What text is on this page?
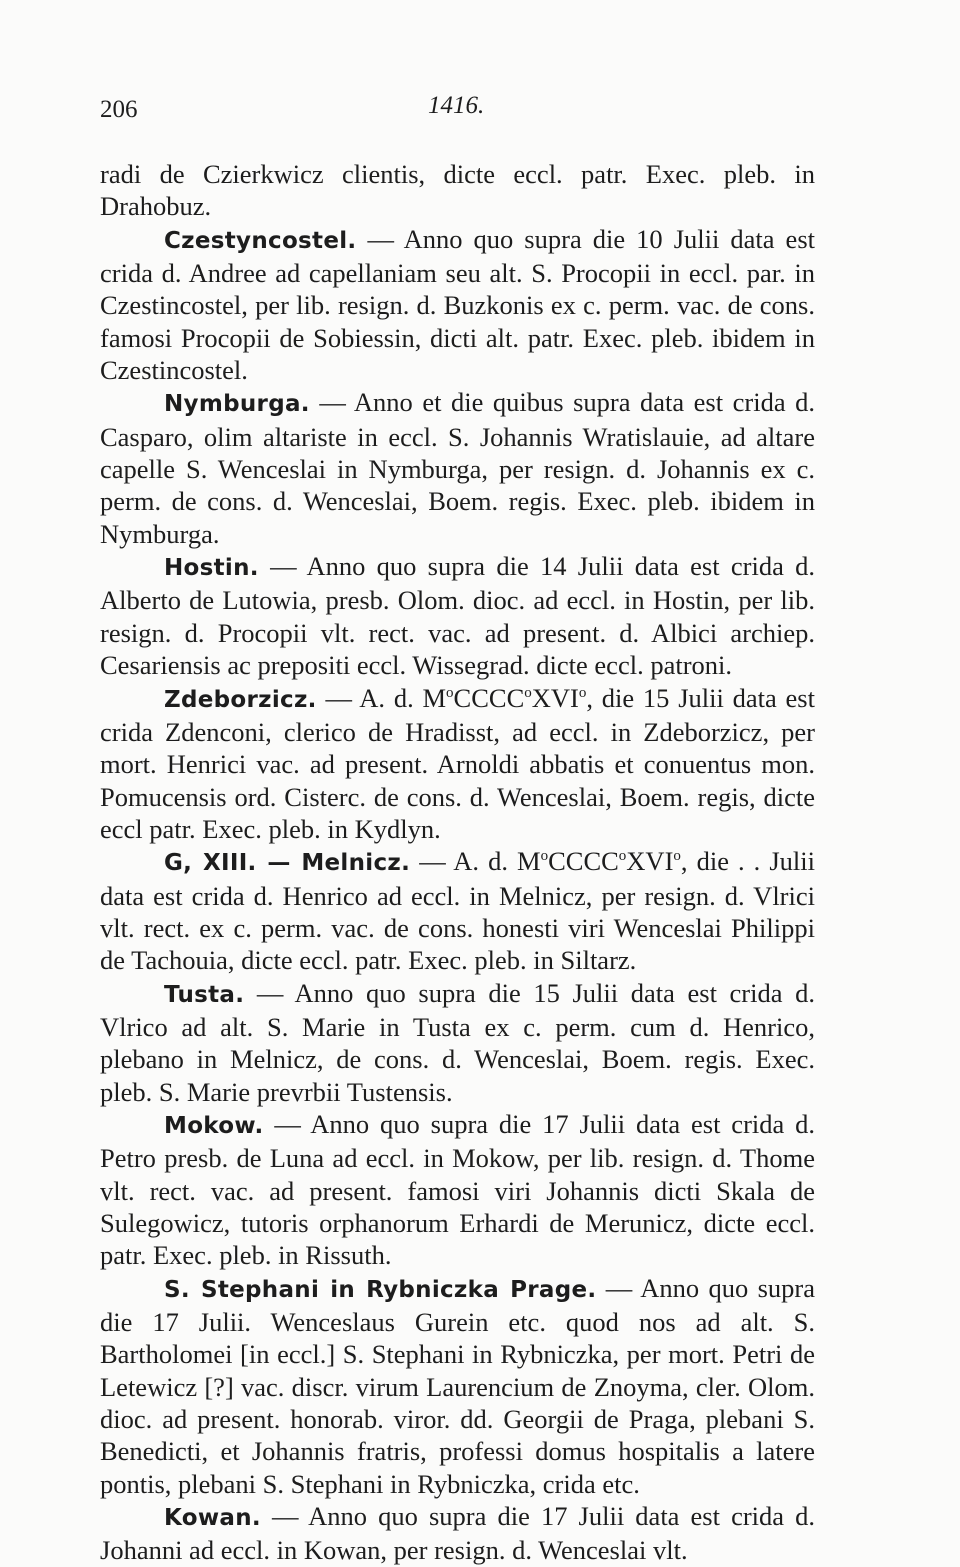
206	1416.

radi de Czierkwicz clientis, dicte eccl. patr. Exec. pleb. in Drahobuz.

Czestyncostel. — Anno quo supra die 10 Julii data est crida d. Andree ad capellaniam seu alt. S. Procopii in eccl. par. in Czestincostel, per lib. resign. d. Buzkonis ex c. perm. vac. de cons. famosi Procopii de Sobiessin, dicti alt. patr. Exec. pleb. ibidem in Czestincostel.

Nymburga. — Anno et die quibus supra data est crida d. Casparo, olim altariste in eccl. S. Johannis Wratislauie, ad altare capelle S. Wenceslai in Nymburga, per resign. d. Johannis ex c. perm. de cons. d. Wenceslai, Boem. regis. Exec. pleb. ibidem in Nymburga.

Hostin. — Anno quo supra die 14 Julii data est crida d. Alberto de Lutowia, presb. Olom. dioc. ad eccl. in Hostin, per lib. resign. d. Procopii vlt. rect. vac. ad present. d. Albici archiep. Cesariensis ac prepositi eccl. Wissegrad. dicte eccl. patroni.

Zdeborzicz. — A. d. $M^oCCCC^oXVI^o$, die 15 Julii data est crida Zdenconi, clerico de Hradisst, ad eccl. in Zdeborzicz, per mort. Henrici vac. ad present. Arnoldi abbatis et conuentus mon. Pomucensis ord. Cisterc. de cons. d. Wenceslai, Boem. regis, dicte eccl patr. Exec. pleb. in Kydlyn.

G, XIII. — Melnicz. — A. d. $M^oCCCC^oXVI^o$, die . . Julii data est crida d. Henrico ad eccl. in Melnicz, per resign. d. Vlrici vlt. rect. ex c. perm. vac. de cons. honesti viri Wenceslai Philippi de Tachouia, dicte eccl. patr. Exec. pleb. in Siltarz.

Tusta. — Anno quo supra die 15 Julii data est crida d. Vlrico ad alt. S. Marie in Tusta ex c. perm. cum d. Henrico, plebano in Melnicz, de cons. d. Wenceslai, Boem. regis. Exec. pleb. S. Marie prevrbii Tustensis.

Mokow. — Anno quo supra die 17 Julii data est crida d. Petro presb. de Luna ad eccl. in Mokow, per lib. resign. d. Thome vlt. rect. vac. ad present. famosi viri Johannis dicti Skala de Sulegowicz, tutoris orphanorum Erhardi de Merunicz, dicte eccl. patr. Exec. pleb. in Rissuth.

S. Stephani in Rybniczka Prage. — Anno quo supra die 17 Julii. Wenceslaus Gurein etc. quod nos ad alt. S. Bartholomei [in eccl.] S. Stephani in Rybniczka, per mort. Petri de Letewicz [?] vac. discr. virum Laurencium de Znoyma, cler. Olom. dioc. ad present. honorab. viror. dd. Georgii de Praga, plebani S. Benedicti, et Johannis fratris, professi domus hospitalis a latere pontis, plebani S. Stephani in Rybniczka, crida etc.

Kowan. — Anno quo supra die 17 Julii data est crida d. Johanni ad eccl. in Kowan, per resign. d. Wenceslai vlt.
